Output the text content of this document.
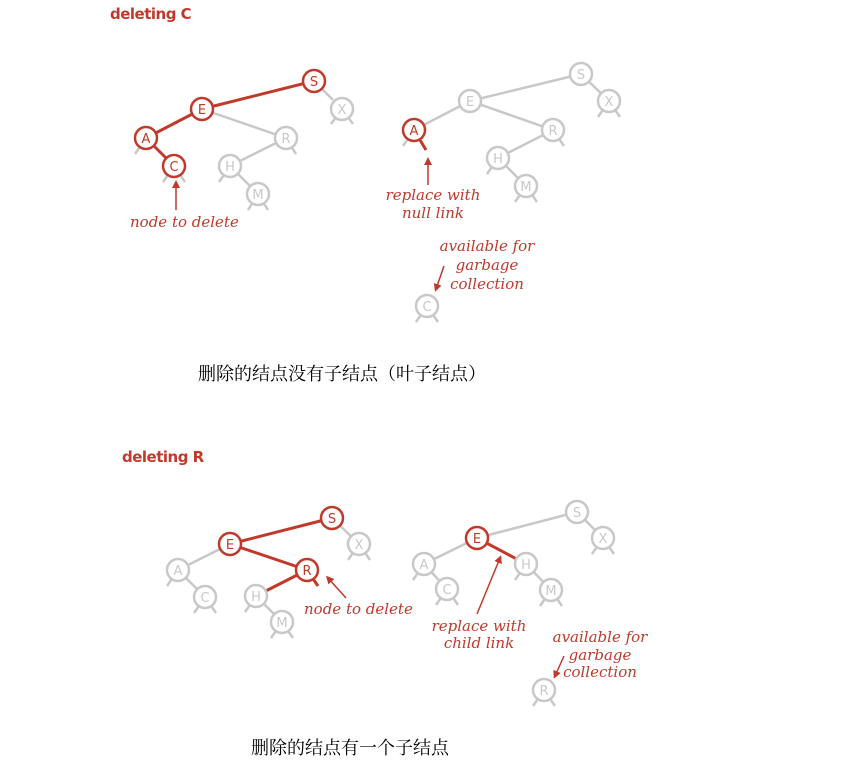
deleting C
S
X
E
R
A
C	H
M
node to delete
S
X
E
R
A
H
M
replace with
null link
available for
garbage
collection
C
deleting R
S
X
E
R
A
C	H
M
node to delete
S
X
E
A
C
H
M
replace with
child link	available for
garbage
collection
R
删除的结点没有子结点（叶子结点）
删除的结点有一个子结点
